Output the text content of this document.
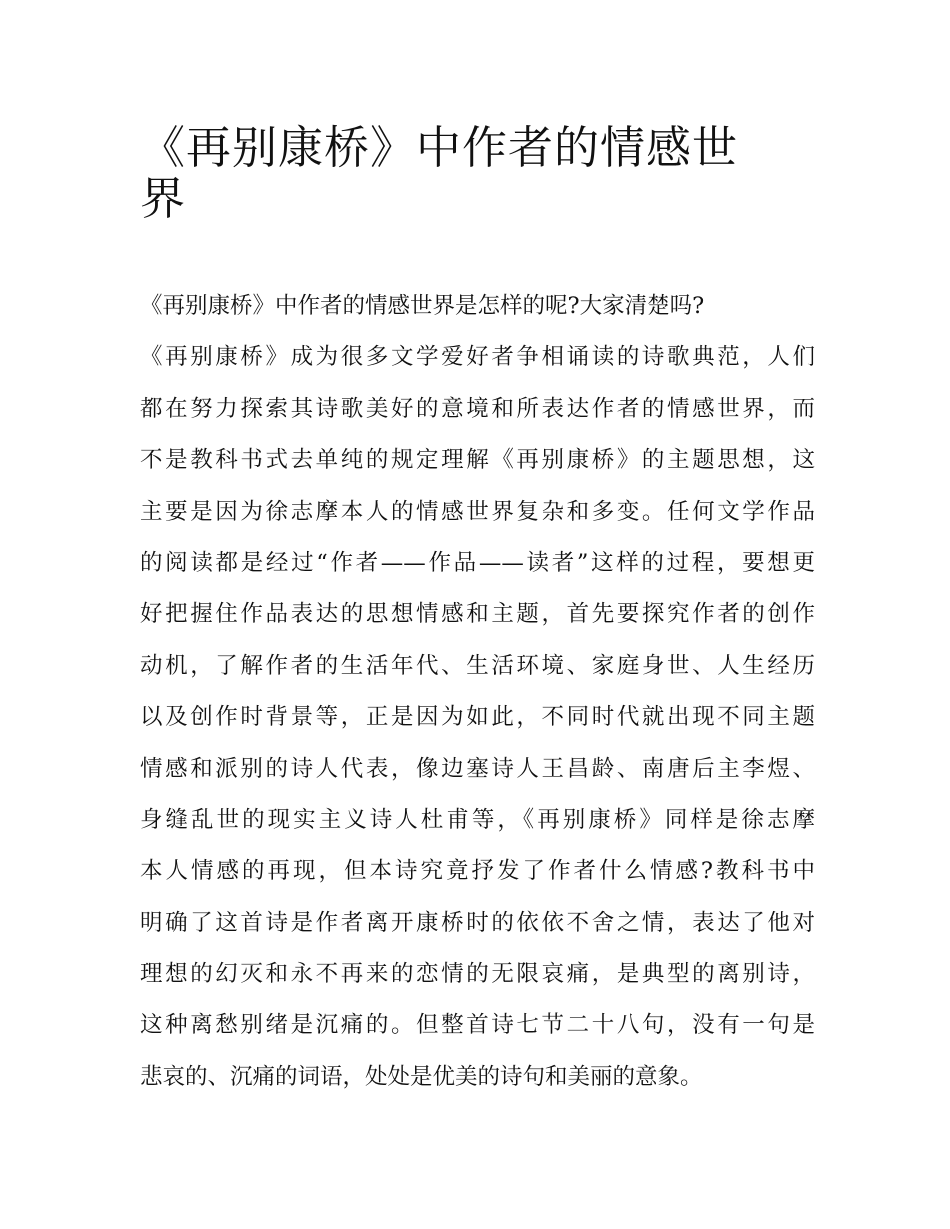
《再别康桥》中作者的情感世
界
《再别康桥》中作者的情感世界是怎样的呢?大家清楚吗?
《再别康桥》成为很多文学爱好者争相诵读的诗歌典范，人们
都在努力探索其诗歌美好的意境和所表达作者的情感世界，而
不是教科书式去单纯的规定理解《再别康桥》的主题思想，这
主要是因为徐志摩本人的情感世界复杂和多变。任何文学作品
的阅读都是经过“作者——作品——读者”这样的过程，要想更
好把握住作品表达的思想情感和主题，首先要探究作者的创作
动机，了解作者的生活年代、生活环境、家庭身世、人生经历
以及创作时背景等，正是因为如此，不同时代就出现不同主题
情感和派别的诗人代表，像边塞诗人王昌龄、南唐后主李煜、
身缝乱世的现实主义诗人杜甫等，《再别康桥》同样是徐志摩
本人情感的再现，但本诗究竟抒发了作者什么情感?教科书中
明确了这首诗是作者离开康桥时的依依不舍之情，表达了他对
理想的幻灭和永不再来的恋情的无限哀痛，是典型的离别诗，
这种离愁别绪是沉痛的。但整首诗七节二十八句，没有一句是
悲哀的、沉痛的词语，处处是优美的诗句和美丽的意象。
